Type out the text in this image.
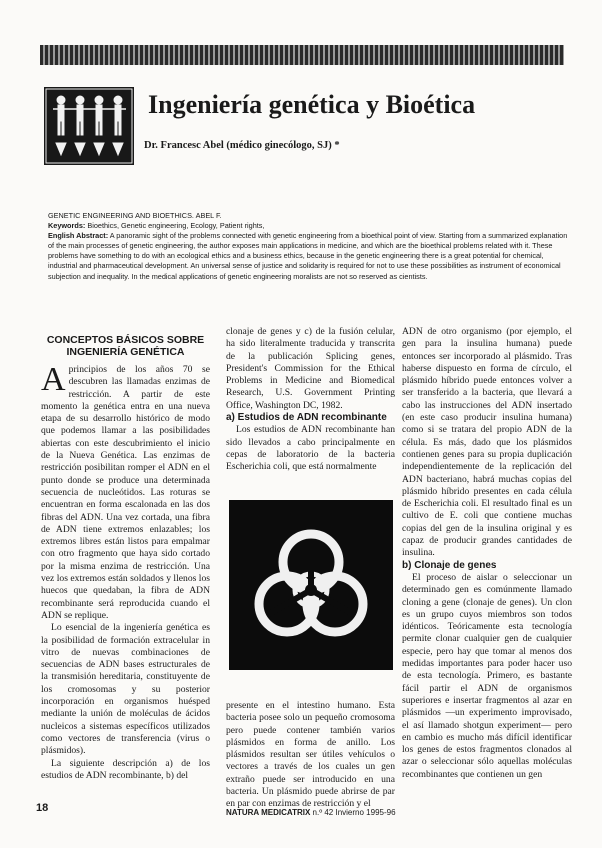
Ingeniería genética y Bioética
Dr. Francesc Abel (médico ginecólogo, SJ) *

GENETIC ENGINEERING AND BIOETHICS. ABEL F.

Keywords: Bioethics, Genetic engineering, Ecology, Patient rights,

English Abstract: A panoramic sight of the problems connected with genetic engineering from a bioethical point of view. Starting from a summarized explanation of the main processes of genetic engineering, the author exposes main applications in medicine, and which are the bioethical problems related with it. These problems have something to do with an ecological ethics and a business ethics, because in the genetic engineering there is a great potential for chemical, industrial and pharmaceutical development. An universal sense of justice and solidarity is required for not to use these possibilities as instrument of economical subjection and inequality. In the medical applications of genetic engineering moralists are not so reserved as cientists.

CONCEPTOS BÁSICOS SOBRE INGENIERÍA GENÉTICA

Aprincipios de los años 70 se descubren las llamadas enzimas de restricción. A partir de este momento la genética entra en una nueva etapa de su desarrollo histórico de modo que podemos llamar a las posibilidades abiertas con este descubrimiento el inicio de la Nueva Genética. Las enzimas de restricción posibilitan romper el ADN en el punto donde se produce una determinada secuencia de nucleótidos. Las roturas se encuentran en forma escalonada en las dos fibras del ADN. Una vez cortada, una fibra de ADN tiene extremos enlazables; los extremos libres están listos para empalmar con otro fragmento que haya sido cortado por la misma enzima de restricción. Una vez los extremos están soldados y llenos los huecos que quedaban, la fibra de ADN recombinante será reproducida cuando el ADN se replique.

Lo esencial de la ingeniería genética es la posibilidad de formación extracelular in vitro de nuevas combinaciones de secuencias de ADN bases estructurales de la transmisión hereditaria, constituyente de los cromosomas y su posterior incorporación en organismos huésped mediante la unión de moléculas de ácidos nucleicos a sistemas específicos utilizados como vectores de transferencia (virus o plásmidos).

La siguiente descripción a) de los estudios de ADN recombinante, b) del

clonaje de genes y c) de la fusión celular, ha sido literalmente traducida y transcrita de la publicación Splicing genes, President's Commission for the Ethical Problems in Medicine and Biomedical Research, U.S. Government Printing Office, Washington DC, 1982.

a) Estudios de ADN recombinante

Los estudios de ADN recombinante han sido llevados a cabo principalmente en cepas de laboratorio de la bacteria Escherichia coli, que está normalmente

presente en el intestino humano. Esta bacteria posee solo un pequeño cromosoma pero puede contener también varios plásmidos en forma de anillo. Los plásmidos resultan ser útiles vehículos o vectores a través de los cuales un gen extraño puede ser introducido en una bacteria. Un plásmido puede abrirse de par en par con enzimas de restricción y el

ADN de otro organismo (por ejemplo, el gen para la insulina humana) puede entonces ser incorporado al plásmido. Tras haberse dispuesto en forma de círculo, el plásmido híbrido puede entonces volver a ser transferido a la bacteria, que llevará a cabo las instrucciones del ADN insertado (en este caso producir insulina humana) como si se tratara del propio ADN de la célula. Es más, dado que los plásmidos contienen genes para su propia duplicación independientemente de la replicación del ADN bacteriano, habrá muchas copias del plásmido híbrido presentes en cada célula de Escherichia coli. El resultado final es un cultivo de E. coli que contiene muchas copias del gen de la insulina original y es capaz de producir grandes cantidades de insulina.

b) Clonaje de genes

El proceso de aislar o seleccionar un determinado gen es comúnmente llamado cloning a gene (clonaje de genes). Un clon es un grupo cuyos miembros son todos idénticos. Teóricamente esta tecnología permite clonar cualquier gen de cualquier especie, pero hay que tomar al menos dos medidas importantes para poder hacer uso de esta tecnología. Primero, es bastante fácil partir el ADN de organismos superiores e insertar fragmentos al azar en plásmidos —un experimento improvisado, el así llamado shotgun experiment— pero en cambio es mucho más difícil identificar los genes de estos fragmentos clonados al azar o seleccionar sólo aquellas moléculas recombinantes que contienen un gen

18	NATURA MEDICATRIX n.º 42 Invierno 1995-96
